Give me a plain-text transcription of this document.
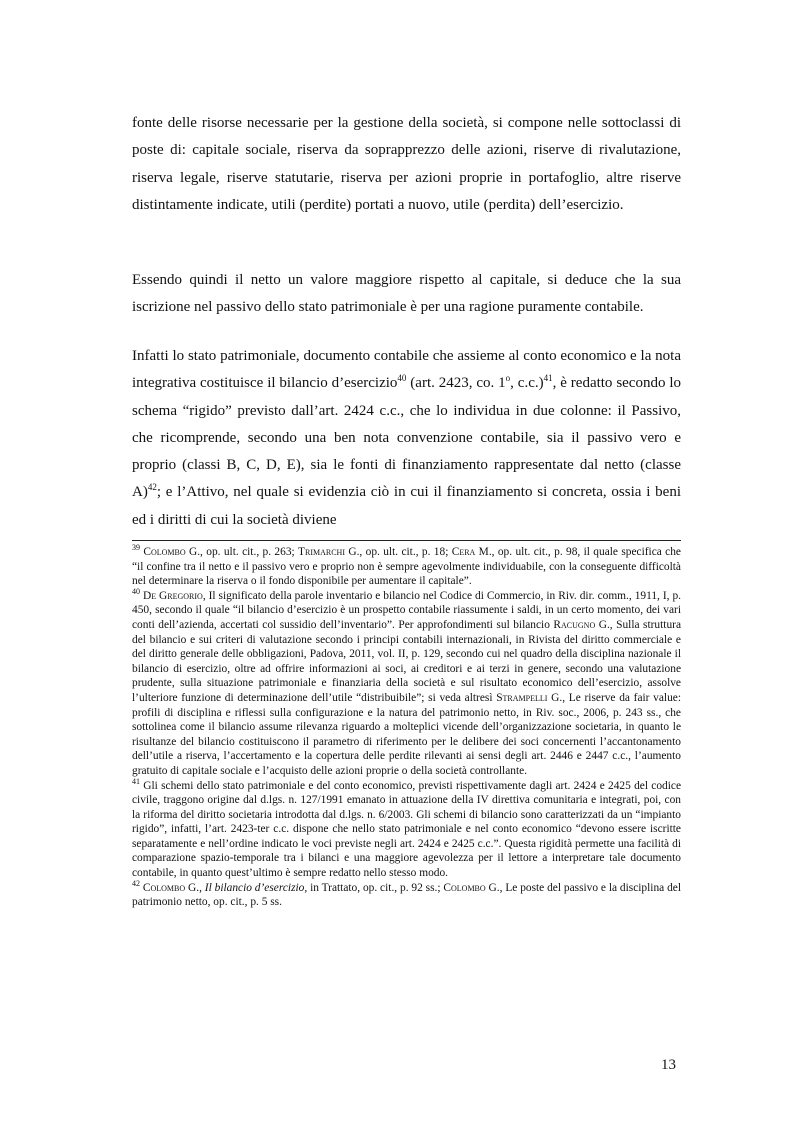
fonte delle risorse necessarie per la gestione della società, si compone nelle sottoclassi di poste di: capitale sociale, riserva da soprapprezzo delle azioni, riserve di rivalutazione, riserva legale, riserve statutarie, riserva per azioni proprie in portafoglio, altre riserve distintamente indicate, utili (perdite) portati a nuovo, utile (perdita) dell’esercizio.

Essendo quindi il netto un valore maggiore rispetto al capitale, si deduce che la sua iscrizione nel passivo dello stato patrimoniale è per una ragione puramente contabile.

Infatti lo stato patrimoniale, documento contabile che assieme al conto economico e la nota integrativa costituisce il bilancio d’esercizio$^{40}$ (art. 2423, co. 1$^o$, c.c.)$^{41}$, è redatto secondo lo schema “rigido” previsto dall’art. 2424 c.c., che lo individua in due colonne: il Passivo, che ricomprende, secondo una ben nota convenzione contabile, sia il passivo vero e proprio (classi B, C, D, E), sia le fonti di finanziamento rappresentate dal netto (classe A)$^{42}$; e l’Attivo, nel quale si evidenzia ciò in cui il finanziamento si concreta, ossia i beni ed i diritti di cui la società diviene

$^{39}$ Colombo G., op. ult. cit., p. 263; Trimarchi G., op. ult. cit., p. 18; Cera M., op. ult. cit., p. 98, il quale specifica che “il confine tra il netto e il passivo vero e proprio non è sempre agevolmente individuabile, con la conseguente difficoltà nel determinare la riserva o il fondo disponibile per aumentare il capitale”.

$^{40}$ De Gregorio, Il significato della parole inventario e bilancio nel Codice di Commercio, in Riv. dir. comm., 1911, I, p. 450, secondo il quale “il bilancio d’esercizio è un prospetto contabile riassumente i saldi, in un certo momento, dei vari conti dell’azienda, accertati col sussidio dell’inventario”. Per approfondimenti sul bilancio Racugno G., Sulla struttura del bilancio e sui criteri di valutazione secondo i principi contabili internazionali, in Rivista del diritto commerciale e del diritto generale delle obbligazioni, Padova, 2011, vol. II, p. 129, secondo cui nel quadro della disciplina nazionale il bilancio di esercizio, oltre ad offrire informazioni ai soci, ai creditori e ai terzi in genere, secondo una valutazione prudente, sulla situazione patrimoniale e finanziaria della società e sul risultato economico dell’esercizio, assolve l’ulteriore funzione di determinazione dell’utile “distribuibile”; si veda altresì Strampelli G., Le riserve da fair value: profili di disciplina e riflessi sulla configurazione e la natura del patrimonio netto, in Riv. soc., 2006, p. 243 ss., che sottolinea come il bilancio assume rilevanza riguardo a molteplici vicende dell’organizzazione societaria, in quanto le risultanze del bilancio costituiscono il parametro di riferimento per le delibere dei soci concernenti l’accantonamento dell’utile a riserva, l’accertamento e la copertura delle perdite rilevanti ai sensi degli art. 2446 e 2447 c.c., l’aumento gratuito di capitale sociale e l’acquisto delle azioni proprie o della società controllante.

$^{41}$ Gli schemi dello stato patrimoniale e del conto economico, previsti rispettivamente dagli art. 2424 e 2425 del codice civile, traggono origine dal d.lgs. n. 127/1991 emanato in attuazione della IV direttiva comunitaria e integrati, poi, con la riforma del diritto societaria introdotta dal d.lgs. n. 6/2003. Gli schemi di bilancio sono caratterizzati da un “impianto rigido”, infatti, l’art. 2423-ter c.c. dispone che nello stato patrimoniale e nel conto economico “devono essere iscritte separatamente e nell’ordine indicato le voci previste negli art. 2424 e 2425 c.c.”. Questa rigidità permette una facilità di comparazione spazio-temporale tra i bilanci e una maggiore agevolezza per il lettore a interpretare tale documento contabile, in quanto quest’ultimo è sempre redatto nello stesso modo.

$^{42}$ Colombo G., Il bilancio d’esercizio, in Trattato, op. cit., p. 92 ss.; Colombo G., Le poste del passivo e la disciplina del patrimonio netto, op. cit., p. 5 ss.

13
